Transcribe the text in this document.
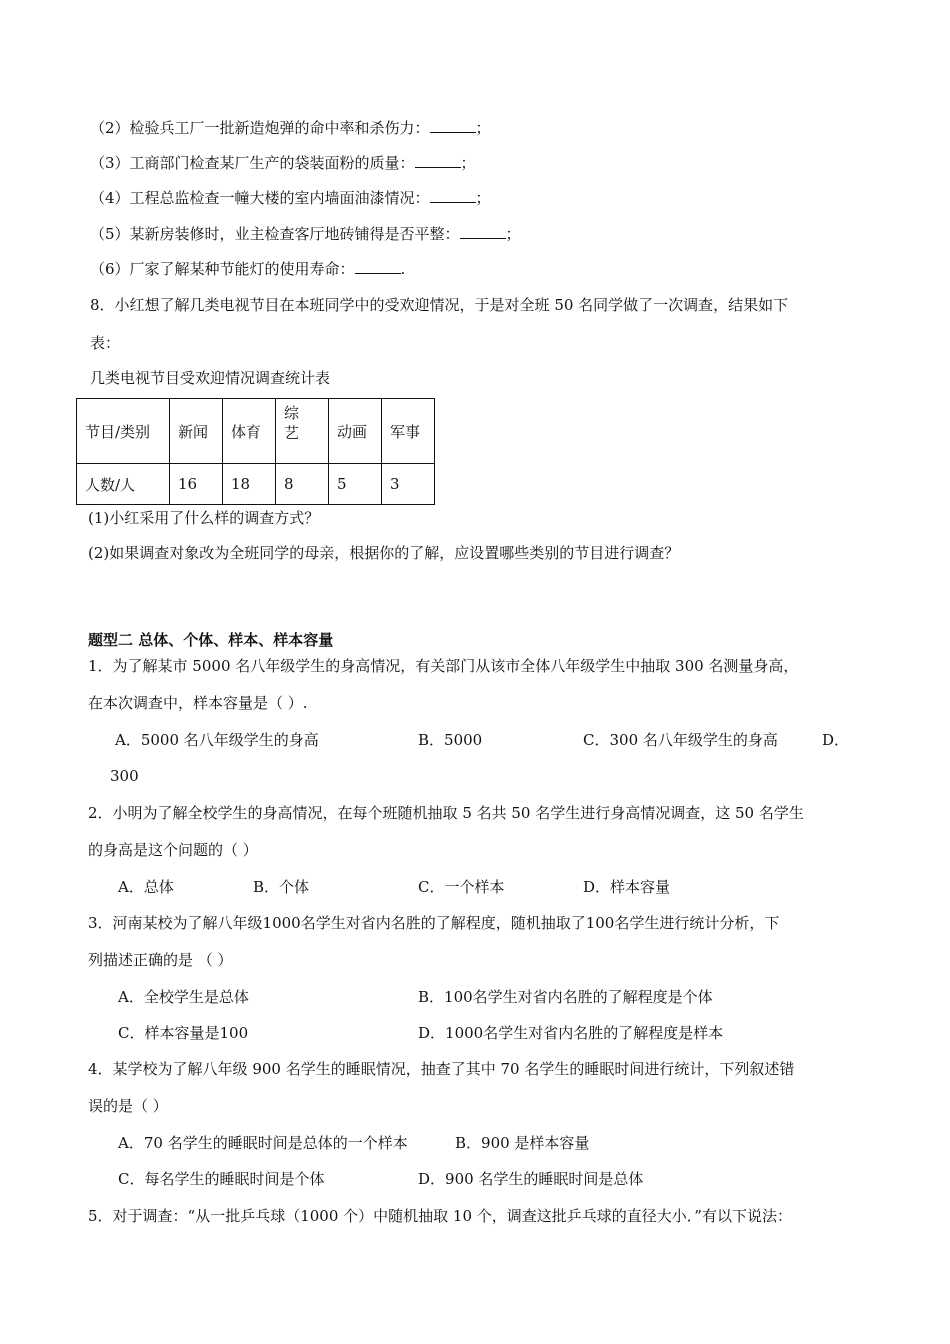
（2）检验兵工厂一批新造炮弹的命中率和杀伤力：	；
（3）工商部门检查某厂生产的袋装面粉的质量：	；
（4）工程总监检查一幢大楼的室内墙面油漆情况：	；
（5）某新房装修时，业主检查客厅地砖铺得是否平整：	；
（6）厂家了解某种节能灯的使用寿命：	.
8．小红想了解几类电视节目在本班同学中的受欢迎情况，于是对全班 50 名同学做了一次调查，结果如下
表：
几类电视节目受欢迎情况调查统计表
节目/类别	新闻	体育	综艺	动画	军事
人数/人	16	18	8	5	3
(1)小红采用了什么样的调查方式？
(2)如果调查对象改为全班同学的母亲，根据你的了解，应设置哪些类别的节目进行调查？
题型二 总体、个体、样本、样本容量
1．为了解某市 5000 名八年级学生的身高情况，有关部门从该市全体八年级学生中抽取 300 名测量身高，
在本次调查中，样本容量是（ ）.
A．5000 名八年级学生的身高	B．5000	C．300 名八年级学生的身高	D．
300
2．小明为了解全校学生的身高情况，在每个班随机抽取 5 名共 50 名学生进行身高情况调查，这 50 名学生
的身高是这个问题的（ ）
A．总体	B．个体	C．一个样本	D．样本容量
3．河南某校为了解八年级1000名学生对省内名胜的了解程度，随机抽取了100名学生进行统计分析，下
列描述正确的是 （ ）
A．全校学生是总体	B．100名学生对省内名胜的了解程度是个体
C．样本容量是100	D．1000名学生对省内名胜的了解程度是样本
4．某学校为了解八年级 900 名学生的睡眠情况，抽查了其中 70 名学生的睡眠时间进行统计，下列叙述错
误的是（ ）
A．70 名学生的睡眠时间是总体的一个样本	B．900 是样本容量
C．每名学生的睡眠时间是个体	D．900 名学生的睡眠时间是总体
5．对于调查：“从一批乒乓球（1000 个）中随机抽取 10 个，调查这批乒乓球的直径大小．”有以下说法：
